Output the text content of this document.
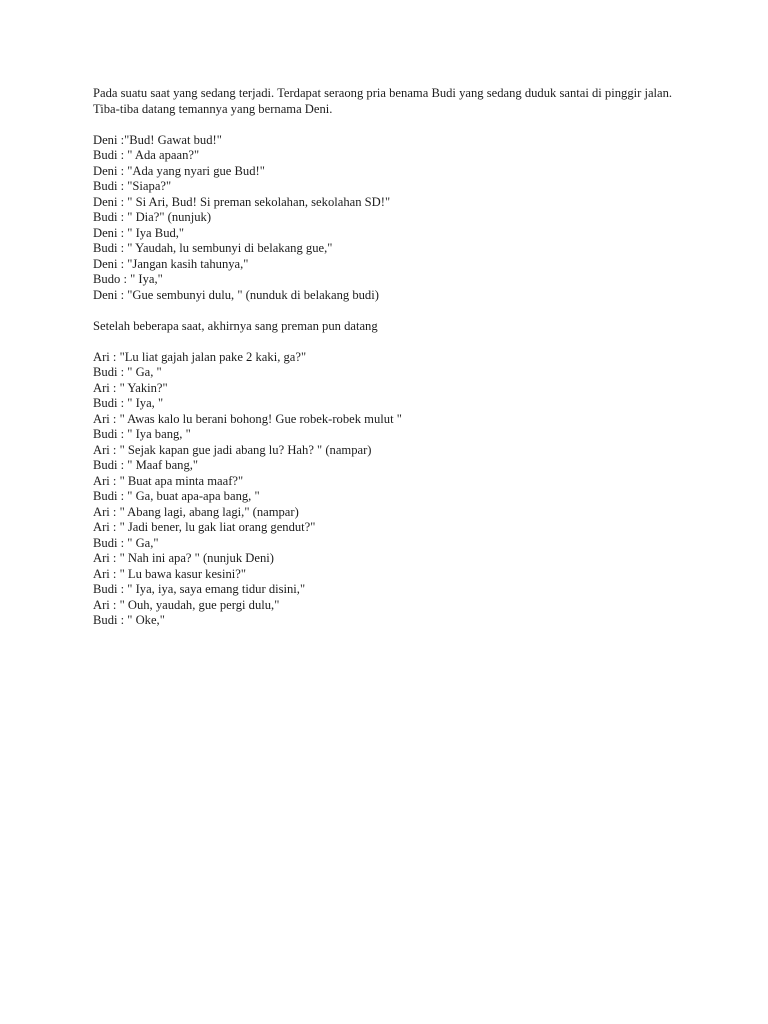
Pada suatu saat yang sedang terjadi. Terdapat seraong pria benama Budi yang sedang duduk santai di pinggir jalan. Tiba-tiba datang temannya yang bernama Deni.

Deni :"Bud! Gawat bud!"
Budi : " Ada apaan?"
Deni : "Ada yang nyari gue Bud!"
Budi : "Siapa?"
Deni : " Si Ari, Bud! Si preman sekolahan, sekolahan SD!"
Budi : " Dia?" (nunjuk)
Deni : " Iya Bud,"
Budi : " Yaudah, lu sembunyi di belakang gue,"
Deni : "Jangan kasih tahunya,"
Budo : " Iya,"
Deni : "Gue sembunyi dulu, " (nunduk di belakang budi)

Setelah beberapa saat, akhirnya sang preman pun datang

Ari : "Lu liat gajah jalan pake 2 kaki, ga?"
Budi : " Ga, "
Ari : " Yakin?"
Budi : " Iya, "
Ari : " Awas kalo lu berani bohong! Gue robek-robek mulut "
Budi : " Iya bang, "
Ari : " Sejak kapan gue jadi abang lu? Hah? " (nampar)
Budi : " Maaf bang,"
Ari : " Buat apa minta maaf?"
Budi : " Ga, buat apa-apa bang, "
Ari : " Abang lagi, abang lagi," (nampar)
Ari : " Jadi bener, lu gak liat orang gendut?"
Budi : " Ga,"
Ari : " Nah ini apa? " (nunjuk Deni)
Ari : " Lu bawa kasur kesini?"
Budi : " Iya, iya, saya emang tidur disini,"
Ari : " Ouh, yaudah, gue pergi dulu,"
Budi : " Oke,"
